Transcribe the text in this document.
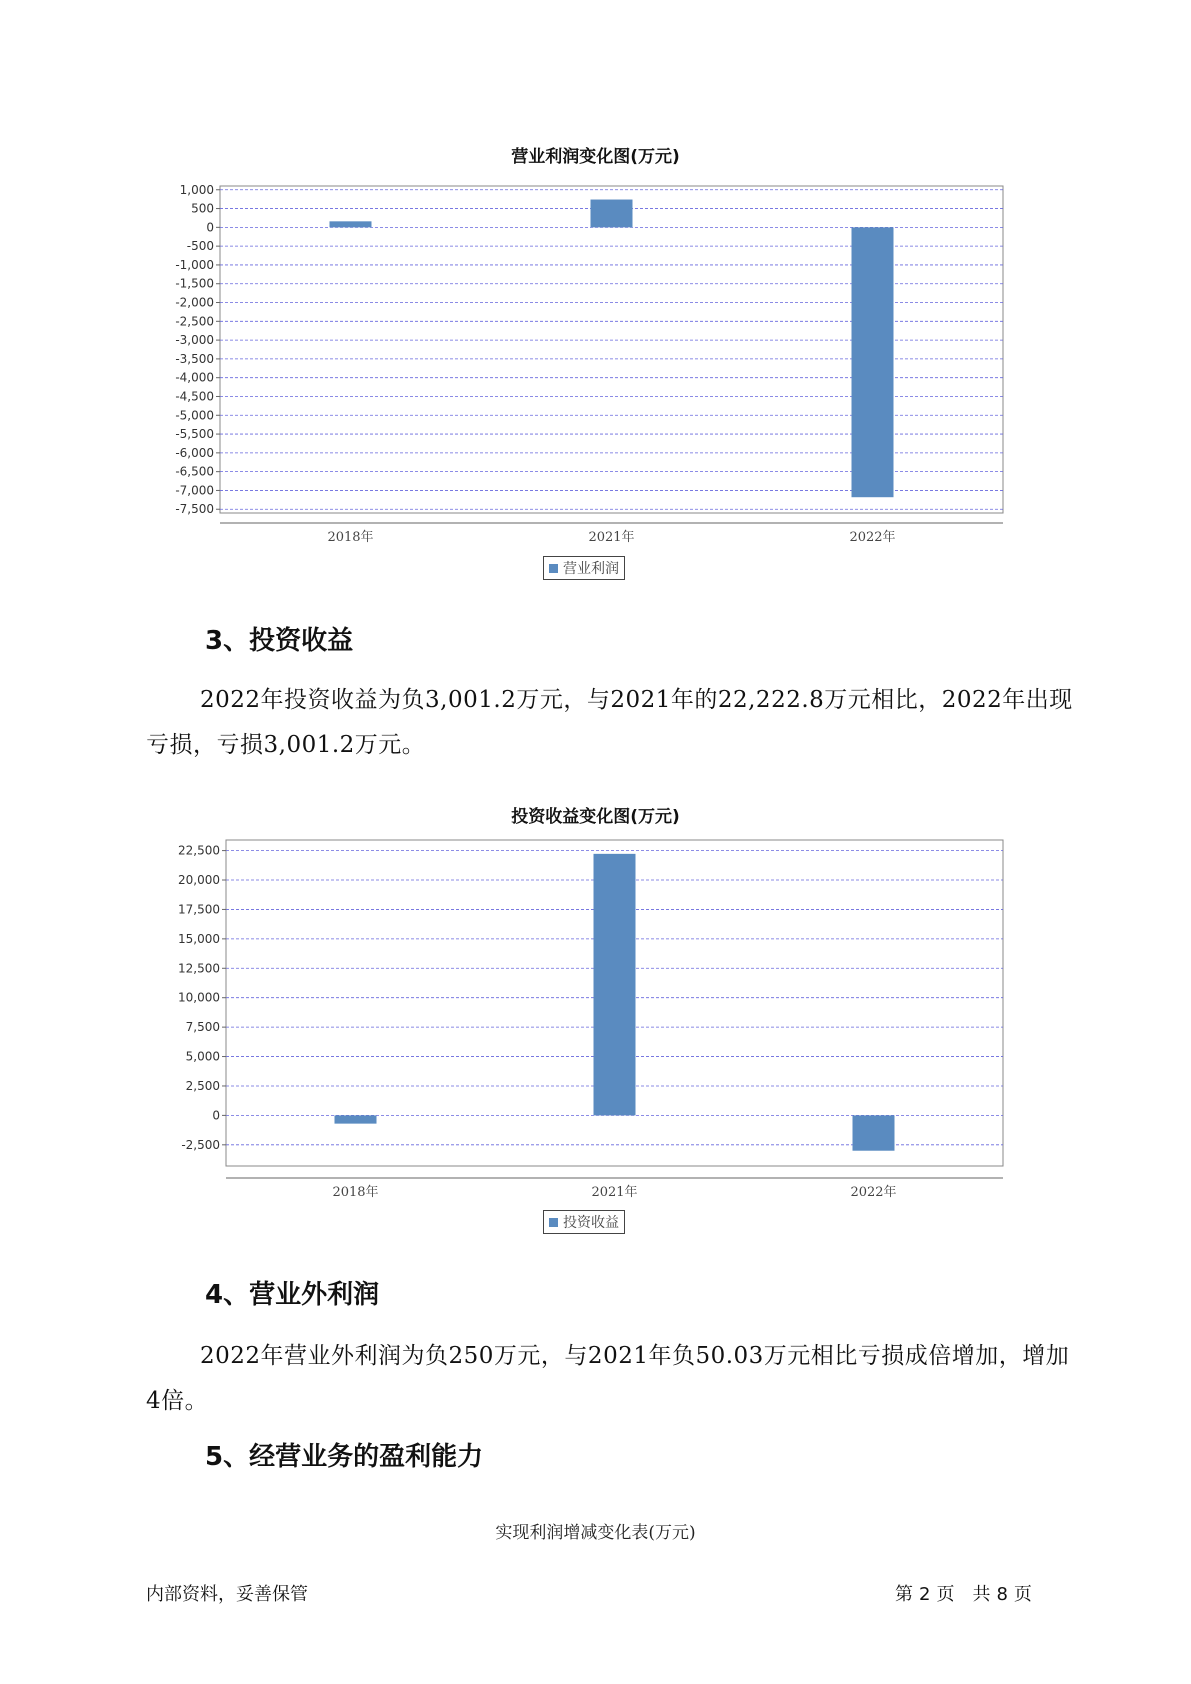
营业利润变化图(万元)
1,000
500
0
-500
-1,000
-1,500
-2,000
-2,500
-3,000
-3,500
-4,000
-4,500
-5,000
-5,500
-6,000
-6,500
-7,000
-7,500
2018年	2021年	2022年
营业利润
3、投资收益

2022年投资收益为负3,001.2万元，与2021年的22,222.8万元相比，2022年出现亏损，亏损3,001.2万元。

投资收益变化图(万元)
22,500
20,000
17,500
15,000
12,500
10,000
7,500
5,000
2,500
0
-2,500
2018年	2021年	2022年
投资收益
4、营业外利润

2022年营业外利润为负250万元，与2021年负50.03万元相比亏损成倍增加，增加4倍。

5、经营业务的盈利能力
实现利润增减变化表(万元)
内部资料，妥善保管	第 2 页　共 8 页
